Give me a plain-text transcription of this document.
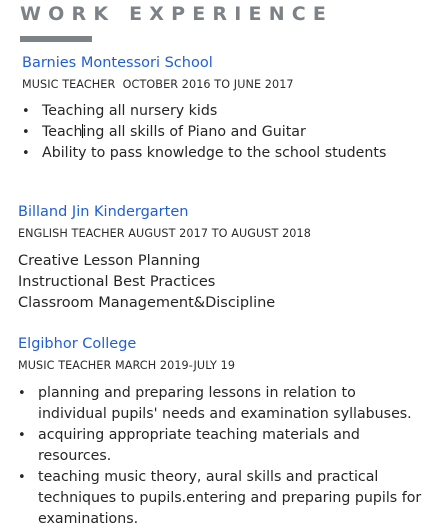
WORK EXPERIENCE
Barnies Montessori School
MUSIC TEACHER  OCTOBER 2016 TO JUNE 2017
• Teaching all nursery kids
• Teaching all skills of Piano and Guitar
• Ability to pass knowledge to the school students
Billand Jin Kindergarten
ENGLISH TEACHER AUGUST 2017 TO AUGUST 2018
Creative Lesson Planning
Instructional Best Practices
Classroom Management&Discipline
Elgibhor College
MUSIC TEACHER MARCH 2019-JULY 19
• planning and preparing lessons in relation to individual pupils' needs and examination syllabuses.
• acquiring appropriate teaching materials and resources.
• teaching music theory, aural skills and practical techniques to pupils.entering and preparing pupils for examinations.
